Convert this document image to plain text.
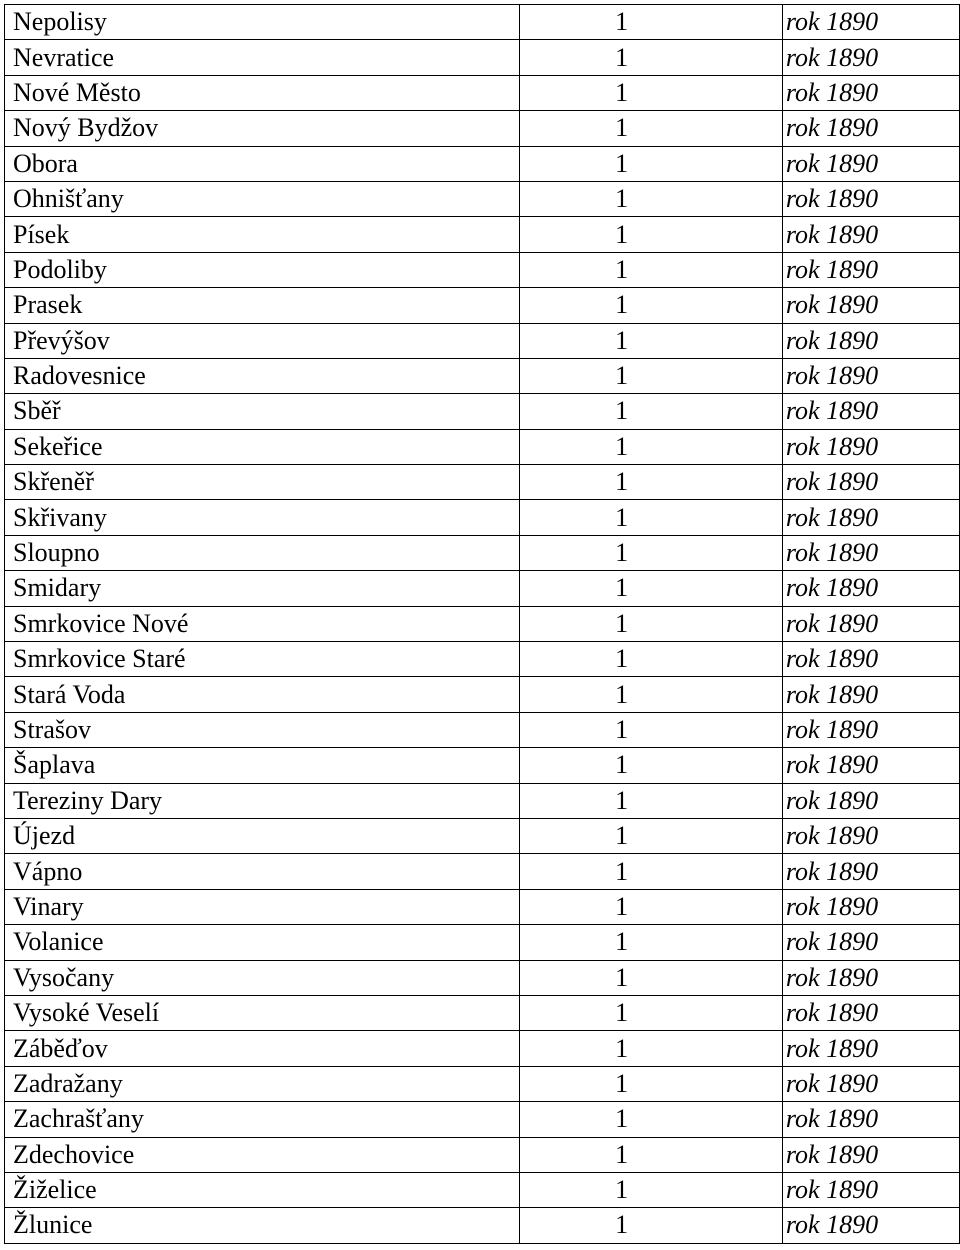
Nepolisy	1	rok 1890
Nevratice	1	rok 1890
Nové Město	1	rok 1890
Nový Bydžov	1	rok 1890
Obora	1	rok 1890
Ohnišťany	1	rok 1890
Písek	1	rok 1890
Podoliby	1	rok 1890
Prasek	1	rok 1890
Převýšov	1	rok 1890
Radovesnice	1	rok 1890
Sběř	1	rok 1890
Sekeřice	1	rok 1890
Skřeněř	1	rok 1890
Skřivany	1	rok 1890
Sloupno	1	rok 1890
Smidary	1	rok 1890
Smrkovice Nové	1	rok 1890
Smrkovice Staré	1	rok 1890
Stará Voda	1	rok 1890
Strašov	1	rok 1890
Šaplava	1	rok 1890
Tereziny Dary	1	rok 1890
Újezd	1	rok 1890
Vápno	1	rok 1890
Vinary	1	rok 1890
Volanice	1	rok 1890
Vysočany	1	rok 1890
Vysoké Veselí	1	rok 1890
Záběďov	1	rok 1890
Zadražany	1	rok 1890
Zachrašťany	1	rok 1890
Zdechovice	1	rok 1890
Žiželice	1	rok 1890
Žlunice	1	rok 1890
